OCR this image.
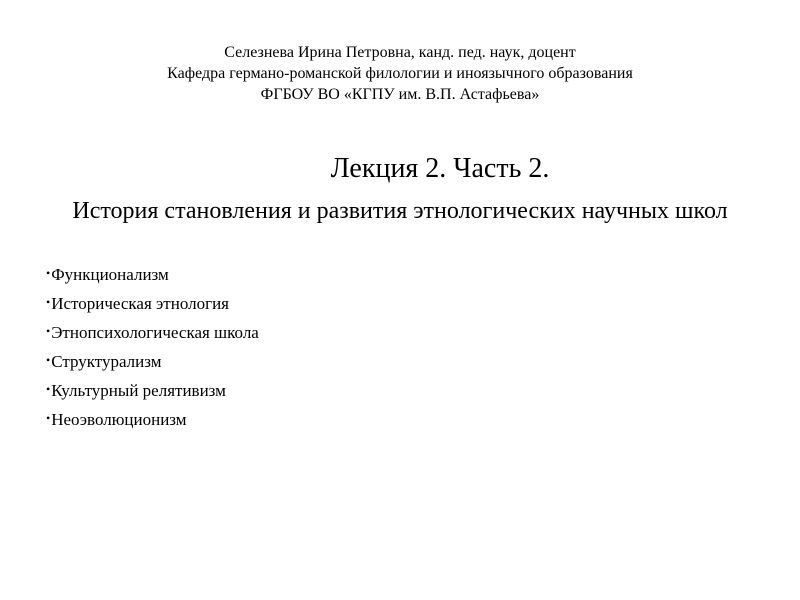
Селезнева Ирина Петровна, канд. пед. наук, доцент
Кафедра германо-романской филологии и иноязычного образования
ФГБОУ ВО «КГПУ им. В.П. Астафьева»
Лекция 2. Часть 2.
История становления и развития этнологических научных школ
•Функционализм
•Историческая этнология
•Этнопсихологическая школа
•Структурализм
•Культурный релятивизм
•Неоэволюционизм
